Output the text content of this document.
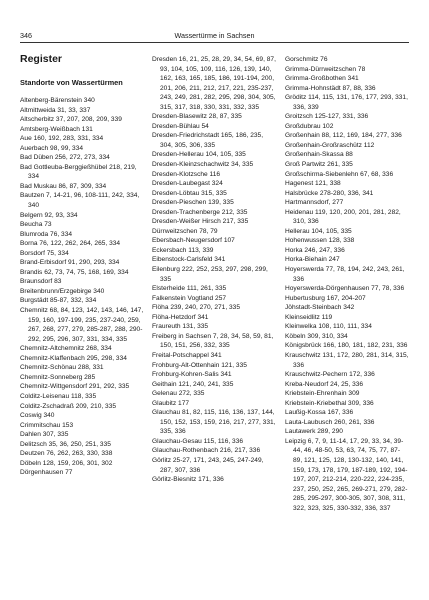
346	Wassertürme in Sachsen
Register
Standorte von Wassertürmen
Altenberg-Bärenstein 340
Altmittweida 31, 33, 337
Altscherbitz 37, 207, 208, 209, 339
Amtsberg-Weißbach 131
Aue 160, 192, 283, 331, 334
Auerbach 98, 99, 334
Bad Düben 256, 272, 273, 334
Bad Gottleuba-Berggießhübel 218, 219, 334
Bad Muskau 86, 87, 309, 334
Bautzen 7, 14-21, 96, 108-111, 242, 334, 340
Belgern 92, 93, 334
Beucha 73
Blumroda 76, 334
Borna 76, 122, 262, 264, 265, 334
Borsdorf 75, 334
Brand-Erbisdorf 91, 290, 293, 334
Brandis 62, 73, 74, 75, 168, 169, 334
Braunsdorf 83
Breitenbrunn/Erzgebirge 340
Burgstädt 85-87, 332, 334
Chemnitz 68, 84, 123, 142, 143, 146, 147, 159, 160, 197-199, 235, 237-240, 259, 267, 268, 277, 279, 285-287, 288, 290-292, 295, 296, 307, 331, 334, 335
Chemnitz-Altchemnitz 268, 334
Chemnitz-Klaffenbach 295, 298, 334
Chemnitz-Schönau 288, 331
Chemnitz-Sonneberg 285
Chemnitz-Wittgensdorf 291, 292, 335
Colditz-Leisenau 118, 335
Colditz-Zschadraß 209, 210, 335
Coswig 340
Crimmitschau 153
Dahlen 307, 335
Delitzsch 35, 36, 250, 251, 335
Deutzen 76, 262, 263, 330, 338
Döbeln 128, 159, 206, 301, 302
Dörgenhausen 77
Dresden 16, 21, 25, 28, 29, 34, 54, 69, 87, 93, 104, 105, 109, 116, 126, 139, 140, 162, 163, 165, 185, 186, 191-194, 200, 201, 206, 211, 212, 217, 221, 235-237, 243, 249, 281, 282, 295, 298, 304, 305, 315, 317, 318, 330, 331, 332, 335
Dresden-Blasewitz 28, 87, 335
Dresden-Bühlau 54
Dresden-Friedrichstadt 165, 186, 235, 304, 305, 306, 335
Dresden-Hellerau 104, 105, 335
Dresden-Kleinzschachwitz 34, 335
Dresden-Klotzsche 116
Dresden-Laubegast 324
Dresden-Löbtau 315, 335
Dresden-Pieschen 139, 335
Dresden-Trachenberge 212, 335
Dresden-Weißer Hirsch 217, 335
Dürrweitzschen 78, 79
Ebersbach-Neugersdorf 107
Eckersbach 113, 339
Eibenstock-Carlsfeld 341
Eilenburg 222, 252, 253, 297, 298, 299, 335
Elsterheide 111, 261, 335
Falkenstein Vogtland 257
Flöha 239, 240, 270, 271, 335
Flöha-Hetzdorf 341
Fraureuth 131, 335
Freiberg in Sachsen 7, 28, 34, 58, 59, 81, 150, 151, 256, 332, 335
Freital-Potschappel 341
Frohburg-Alt-Ottenhain 121, 335
Frohburg-Kohren-Salis 341
Geithain 121, 240, 241, 335
Gelenau 272, 335
Glaubitz 177
Glauchau 81, 82, 115, 116, 136, 137, 144, 150, 152, 153, 159, 216, 217, 277, 331, 335, 336
Glauchau-Gesau 115, 116, 336
Glauchau-Rothenbach 216, 217, 336
Görlitz 25-27, 171, 243, 245, 247-249, 287, 307, 336
Görlitz-Biesnitz 171, 336
Gorschmitz 76
Grimma-Dürrweitzschen 78
Grimma-Großbothen 341
Grimma-Hohnstädt 87, 88, 336
Gröditz 114, 115, 131, 176, 177, 293, 331, 336, 339
Groitzsch 125-127, 331, 336
Großdubrau 102
Großenhain 88, 112, 169, 184, 277, 336
Großenhain-Großraschütz 112
Großenhain-Skassa 88
Groß Partwitz 261, 335
Großschirma-Siebenlehn 67, 68, 336
Hagenest 121, 338
Halsbrücke 278-280, 336, 341
Hartmannsdorf, 277
Heidenau 119, 120, 200, 201, 281, 282, 310, 336
Hellerau 104, 105, 335
Hohenwussen 128, 338
Horka 246, 247, 336
Horka-Biehain 247
Hoyerswerda 77, 78, 194, 242, 243, 261, 336
Hoyerswerda-Dörgenhausen 77, 78, 336
Hubertusburg 167, 204-207
Jöhstadt-Steinbach 342
Kleinseidlitz 119
Kleinwelka 108, 110, 111, 334
Köbeln 309, 310, 334
Königsbrück 166, 180, 181, 182, 231, 336
Krauschwitz 131, 172, 280, 281, 314, 315, 336
Krauschwitz-Pechern 172, 336
Kreba-Neudorf 24, 25, 336
Kriebstein-Ehrenhain 309
Kriebstein-Kriebethal 309, 336
Laußig-Kossa 167, 336
Lauta-Laubusch 260, 261, 336
Lautawerk 289, 290
Leipzig 6, 7, 9, 11-14, 17, 29, 33, 34, 39-44, 46, 48-50, 53, 63, 74, 75, 77, 87-89, 121, 125, 128, 130-132, 140, 141, 159, 173, 178, 179, 187-189, 192, 194-197, 207, 212-214, 220-222, 224-235, 237, 250, 252, 265, 269-271, 279, 282-285, 295-297, 300-305, 307, 308, 311, 322, 323, 325, 330-332, 336, 337
